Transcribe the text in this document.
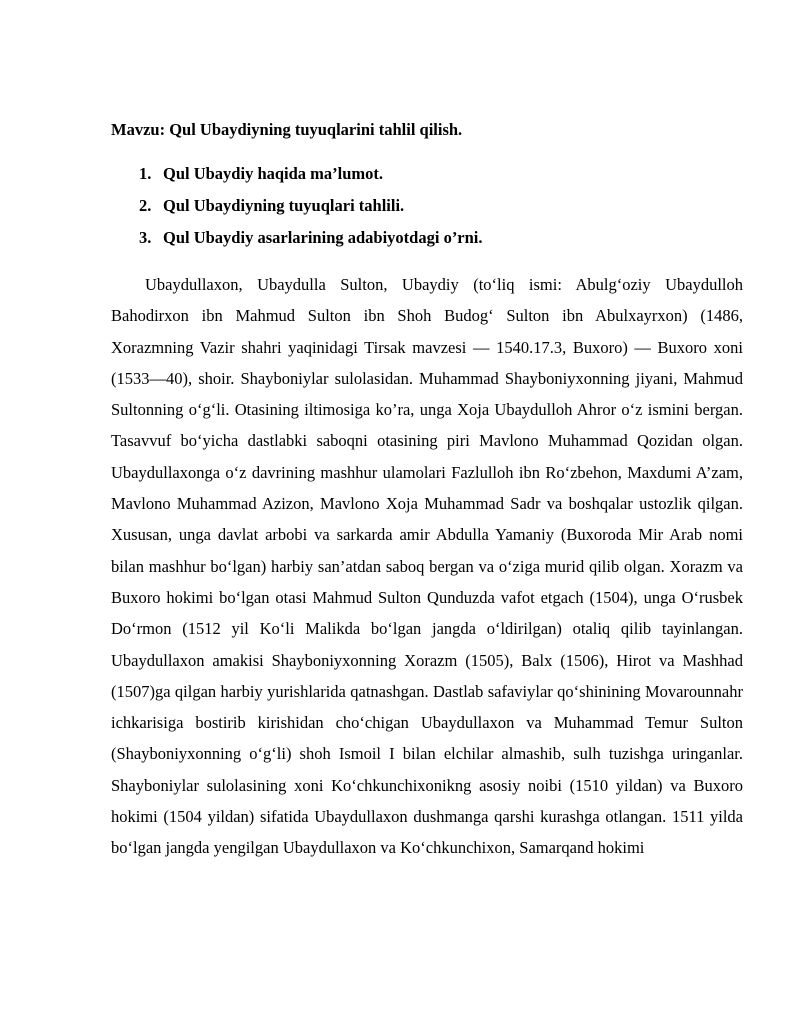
Mavzu: Qul Ubaydiyning tuyuqlarini tahlil qilish.

1. Qul Ubaydiy haqida ma’lumot.
2. Qul Ubaydiyning tuyuqlari tahlili.
3. Qul Ubaydiy asarlarining adabiyotdagi o’rni.

Ubaydullaxon, Ubaydulla Sulton, Ubaydiy (toʻliq ismi: Abulgʻoziy Ubaydulloh Bahodirxon ibn Mahmud Sulton ibn Shoh Budogʻ Sulton ibn Abulxayrxon) (1486, Xorazmning Vazir shahri yaqinidagi Tirsak mavzesi — 1540.17.3, Buxoro) — Buxoro xoni (1533—40), shoir. Shayboniylar sulolasidan. Muhammad Shayboniyxonning jiyani, Mahmud Sultonning oʻgʻli. Otasining iltimosiga ko’ra, unga Xoja Ubaydulloh Ahror oʻz ismini bergan. Tasavvuf boʻyicha dastlabki saboqni otasining piri Mavlono Muhammad Qozidan olgan. Ubaydullaxonga oʻz davrining mashhur ulamolari Fazlulloh ibn Roʻzbehon, Maxdumi A’zam, Mavlono Muhammad Azizon, Mavlono Xoja Muhammad Sadr va boshqalar ustozlik qilgan. Xususan, unga davlat arbobi va sarkarda amir Abdulla Yamaniy (Buxoroda Mir Arab nomi bilan mashhur boʻlgan) harbiy san’atdan saboq bergan va oʻziga murid qilib olgan. Xorazm va Buxoro hokimi boʻlgan otasi Mahmud Sulton Qunduzda vafot etgach (1504), unga Oʻrusbek Doʻrmon (1512 yil Koʻli Malikda boʻlgan jangda oʻldirilgan) otaliq qilib tayinlangan. Ubaydullaxon amakisi Shayboniyxonning Xorazm (1505), Balx (1506), Hirot va Mashhad (1507)ga qilgan harbiy yurishlarida qatnashgan. Dastlab safaviylar qoʻshinining Movarounnahr ichkarisiga bostirib kirishidan choʻchigan Ubaydullaxon va Muhammad Temur Sulton (Shayboniyxonning oʻgʻli) shoh Ismoil I bilan elchilar almashib, sulh tuzishga uringanlar. Shayboniylar sulolasining xoni Koʻchkunchixonikng asosiy noibi (1510 yildan) va Buxoro hokimi (1504 yildan) sifatida Ubaydullaxon dushmanga qarshi kurashga otlangan. 1511 yilda boʻlgan jangda yengilgan Ubaydullaxon va Koʻchkunchixon, Samarqand hokimi
